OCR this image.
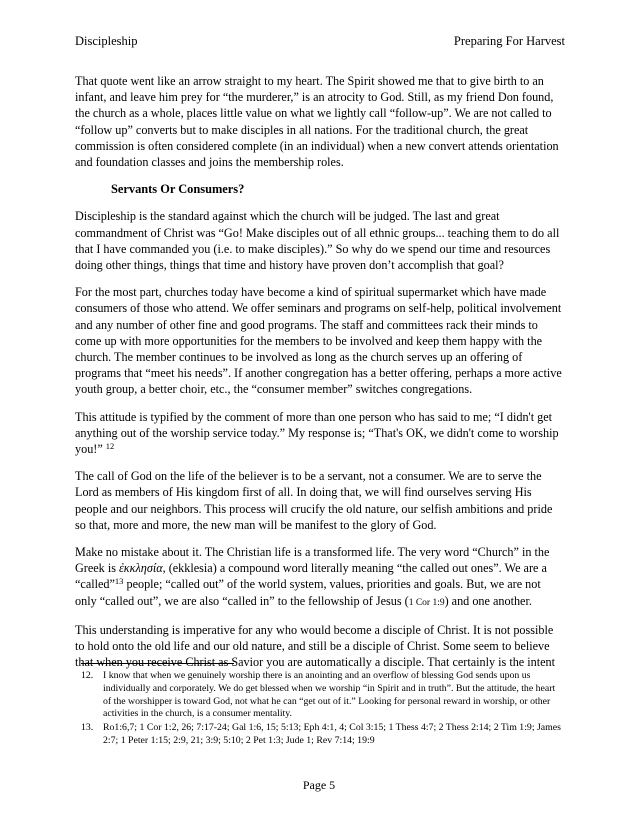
Discipleship	Preparing For Harvest

That quote went like an arrow straight to my heart. The Spirit showed me that to give birth to an infant, and leave him prey for “the murderer,” is an atrocity to God. Still, as my friend Don found, the church as a whole, places little value on what we lightly call “follow-up”. We are not called to “follow up” converts but to make disciples in all nations. For the traditional church, the great commission is often considered complete (in an individual) when a new convert attends orientation and foundation classes and joins the membership roles.

Servants Or Consumers?

Discipleship is the standard against which the church will be judged. The last and great commandment of Christ was “Go! Make disciples out of all ethnic groups... teaching them to do all that I have commanded you (i.e. to make disciples).” So why do we spend our time and resources doing other things, things that time and history have proven don’t accomplish that goal?

For the most part, churches today have become a kind of spiritual supermarket which have made consumers of those who attend. We offer seminars and programs on self-help, political involvement and any number of other fine and good programs. The staff and committees rack their minds to come up with more opportunities for the members to be involved and keep them happy with the church. The member continues to be involved as long as the church serves up an offering of programs that “meet his needs”. If another congregation has a better offering, perhaps a more active youth group, a better choir, etc., the “consumer member” switches congregations.

This attitude is typified by the comment of more than one person who has said to me; “I didn't get anything out of the worship service today.” My response is; “That's OK, we didn't come to worship you!” $^{12}$

The call of God on the life of the believer is to be a servant, not a consumer. We are to serve the Lord as members of His kingdom first of all. In doing that, we will find ourselves serving His people and our neighbors. This process will crucify the old nature, our selfish ambitions and pride so that, more and more, the new man will be manifest to the glory of God.

Make no mistake about it. The Christian life is a transformed life. The very word “Church” in the Greek is ἐκκλησία, (ekklesia) a compound word literally meaning “the called out ones”. We are a “called”$^{13}$ people; “called out” of the world system, values, priorities and goals. But, we are not only “called out”, we are also “called in” to the fellowship of Jesus (1 Cor 1:9) and one another.

This understanding is imperative for any who would become a disciple of Christ. It is not possible to hold onto the old life and our old nature, and still be a disciple of Christ. Some seem to believe that when you receive Christ as Savior you are automatically a disciple. That certainly is the intent

12. I know that when we genuinely worship there is an anointing and an overflow of blessing God sends upon us individually and corporately. We do get blessed when we worship “in Spirit and in truth”. But the attitude, the heart of the worshipper is toward God, not what he can “get out of it.” Looking for personal reward in worship, or other activities in the church, is a consumer mentality.
13. Ro1:6,7; 1 Cor 1:2, 26; 7:17-24; Gal 1:6, 15; 5:13; Eph 4:1, 4; Col 3:15; 1 Thess 4:7; 2 Thess 2:14; 2 Tim 1:9; James 2:7; 1 Peter 1:15; 2:9, 21; 3:9; 5:10; 2 Pet 1:3; Jude 1; Rev 7:14; 19:9
Page 5
